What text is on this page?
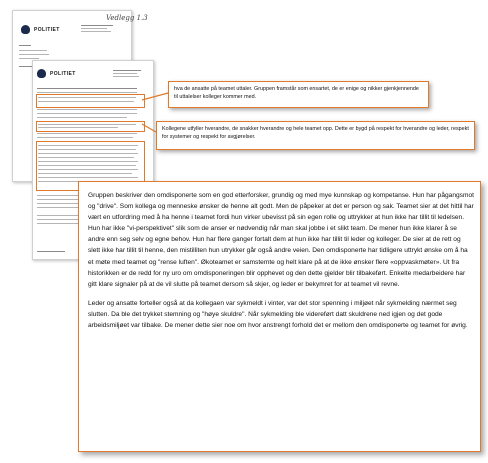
POLITIET
Vedlegg 1.3
POLITIET
hva de ansatte på teamet uttaler. Gruppen framstår som ensartet, de er enige og nikker gjenkjennende til uttalelser kolleger kommer med.
Kollegene utfyller hverandre, de snakker hverandre og hele teamet opp. Dette er bygd på respekt for hverandre og leder, respekt for systemer og respekt for avgjørelser.

Gruppen beskriver den omdisponerte som en god etterforsker, grundig og med mye kunnskap og kompetanse. Hun har pågangsmot og "drive". Som kollega og menneske ønsker de henne alt godt. Men de påpeker at det er person og sak. Teamet sier at det hittil har vært en utfordring med å ha henne i teamet fordi hun virker ubevisst på sin egen rolle og uttrykker at hun ikke har tillit til ledelsen. Hun har ikke "vi-perspektivet" slik som de anser er nødvendig når man skal jobbe i et slikt team. De mener hun ikke klarer å se andre enn seg selv og egne behov. Hun har flere ganger fortalt dem at hun ikke har tillit til leder og kolleger. De sier at de rett og slett ikke har tillit til henne, den mistilliten hun utrykker går også andre veien. Den omdisponerte har tidligere uttrykt ønske om å ha et møte med teamet og "rense luften". Økoteamet er samstemte og helt klare på at de ikke ønsker flere «oppvaskmøter». Ut fra historikken er de redd for ny uro om omdisponeringen blir opphevet og den dette gjelder blir tilbakeført. Enkelte medarbeidere har gitt klare signaler på at de vil slutte på teamet dersom så skjer, og leder er bekymret for at teamet vil revne.

Leder og ansatte forteller også at da kollegaen var sykmeldt i vinter, var det stor spenning i miljøet når sykmelding nærmet seg slutten. Da ble det trykket stemning og "høye skuldre". Når sykmelding ble videreført datt skuldrene ned igjen og det gode arbeidsmiljøet var tilbake. De mener dette sier noe om hvor anstrengt forhold det er mellom den omdisponerte og teamet for øvrig.
